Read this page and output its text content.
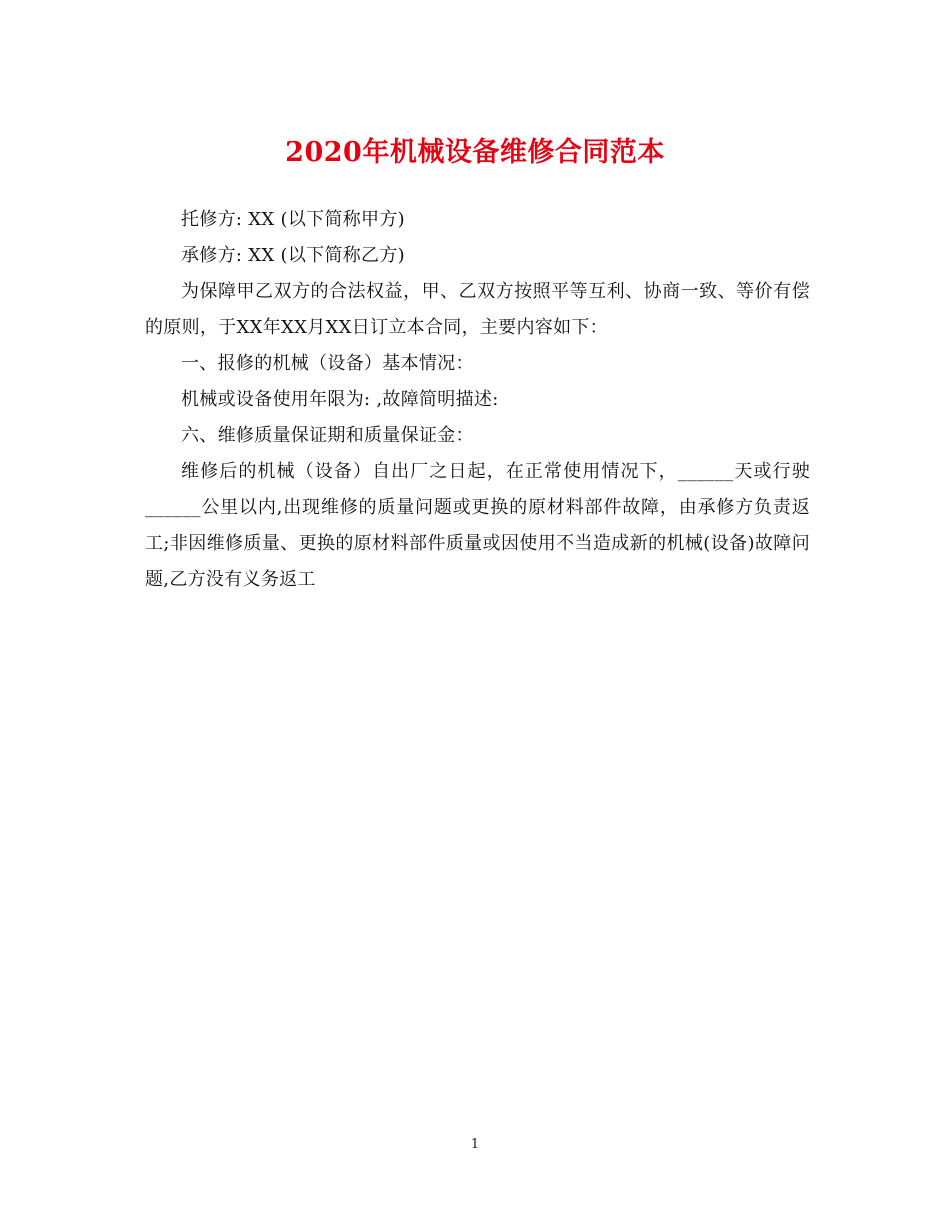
2020年机械设备维修合同范本

托修方: XX (以下简称甲方)

承修方: XX (以下简称乙方)

为保障甲乙双方的合法权益，甲、乙双方按照平等互利、协商一致、等价有偿的原则，于XX年XX月XX日订立本合同，主要内容如下：

一、报修的机械（设备）基本情况：

机械或设备使用年限为: ,故障简明描述:

六、维修质量保证期和质量保证金：

维修后的机械（设备）自出厂之日起，在正常使用情况下，______天或行驶______公里以内,出现维修的质量问题或更换的原材料部件故障，由承修方负责返工;非因维修质量、更换的原材料部件质量或因使用不当造成新的机械(设备)故障问题,乙方没有义务返工

1
